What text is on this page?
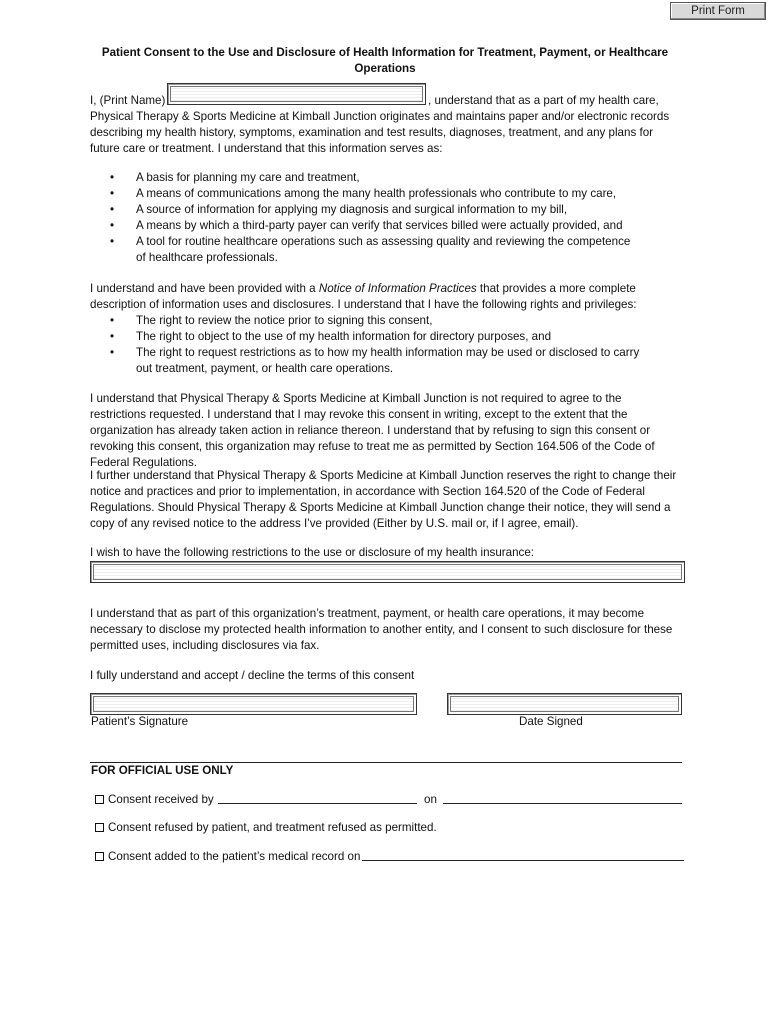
Print Form
Patient Consent to the Use and Disclosure of Health Information for Treatment, Payment, or Healthcare Operations
I, (Print Name)	, understand that as a part of my health care,
Physical Therapy & Sports Medicine at Kimball Junction originates and maintains paper and/or electronic records describing my health history, symptoms, examination and test results, diagnoses, treatment, and any plans for future care or treatment. I understand that this information serves as:
• A basis for planning my care and treatment,
• A means of communications among the many health professionals who contribute to my care,
• A source of information for applying my diagnosis and surgical information to my bill,
• A means by which a third-party payer can verify that services billed were actually provided, and
• A tool for routine healthcare operations such as assessing quality and reviewing the competence of healthcare professionals.
I understand and have been provided with a Notice of Information Practices that provides a more complete description of information uses and disclosures. I understand that I have the following rights and privileges:
• The right to review the notice prior to signing this consent,
• The right to object to the use of my health information for directory purposes, and
• The right to request restrictions as to how my health information may be used or disclosed to carry out treatment, payment, or health care operations.
I understand that Physical Therapy & Sports Medicine at Kimball Junction is not required to agree to the restrictions requested. I understand that I may revoke this consent in writing, except to the extent that the organization has already taken action in reliance thereon. I understand that by refusing to sign this consent or revoking this consent, this organization may refuse to treat me as permitted by Section 164.506 of the Code of Federal Regulations.
I further understand that Physical Therapy & Sports Medicine at Kimball Junction reserves the right to change their notice and practices and prior to implementation, in accordance with Section 164.520 of the Code of Federal Regulations. Should Physical Therapy & Sports Medicine at Kimball Junction change their notice, they will send a copy of any revised notice to the address I’ve provided (Either by U.S. mail or, if I agree, email).
I wish to have the following restrictions to the use or disclosure of my health insurance:
I understand that as part of this organization’s treatment, payment, or health care operations, it may become necessary to disclose my protected health information to another entity, and I consent to such disclosure for these permitted uses, including disclosures via fax.
I fully understand and accept / decline the terms of this consent
Patient’s Signature	Date Signed
FOR OFFICIAL USE ONLY
Consent received by	on
Consent refused by patient, and treatment refused as permitted.
Consent added to the patient’s medical record on
